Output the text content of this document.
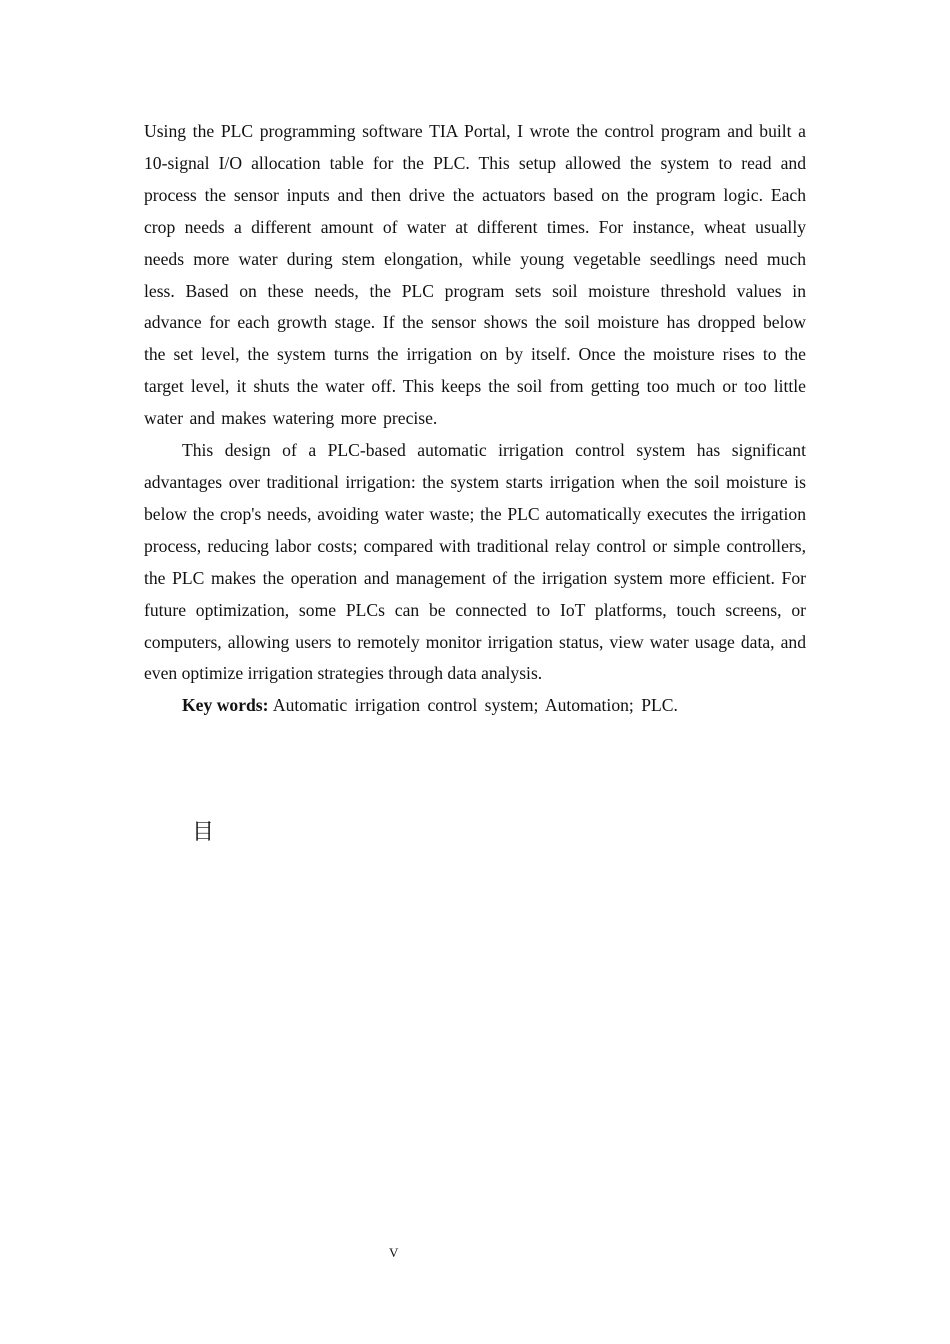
Using the PLC programming software TIA Portal, I wrote the control program and built a 10-signal I/O allocation table for the PLC. This setup allowed the system to read and process the sensor inputs and then drive the actuators based on the program logic. Each crop needs a different amount of water at different times. For instance, wheat usually needs more water during stem elongation, while young vegetable seedlings need much less. Based on these needs, the PLC program sets soil moisture threshold values in advance for each growth stage. If the sensor shows the soil moisture has dropped below the set level, the system turns the irrigation on by itself. Once the moisture rises to the target level, it shuts the water off. This keeps the soil from getting too much or too little water and makes watering more precise.

This design of a PLC-based automatic irrigation control system has significant advantages over traditional irrigation: the system starts irrigation when the soil moisture is below the crop's needs, avoiding water waste; the PLC automatically executes the irrigation process, reducing labor costs; compared with traditional relay control or simple controllers, the PLC makes the operation and management of the irrigation system more efficient. For future optimization, some PLCs can be connected to IoT platforms, touch screens, or computers, allowing users to remotely monitor irrigation status, view water usage data, and even optimize irrigation strategies through data analysis.

Key words: Automatic irrigation control system; Automation; PLC.

目
V
